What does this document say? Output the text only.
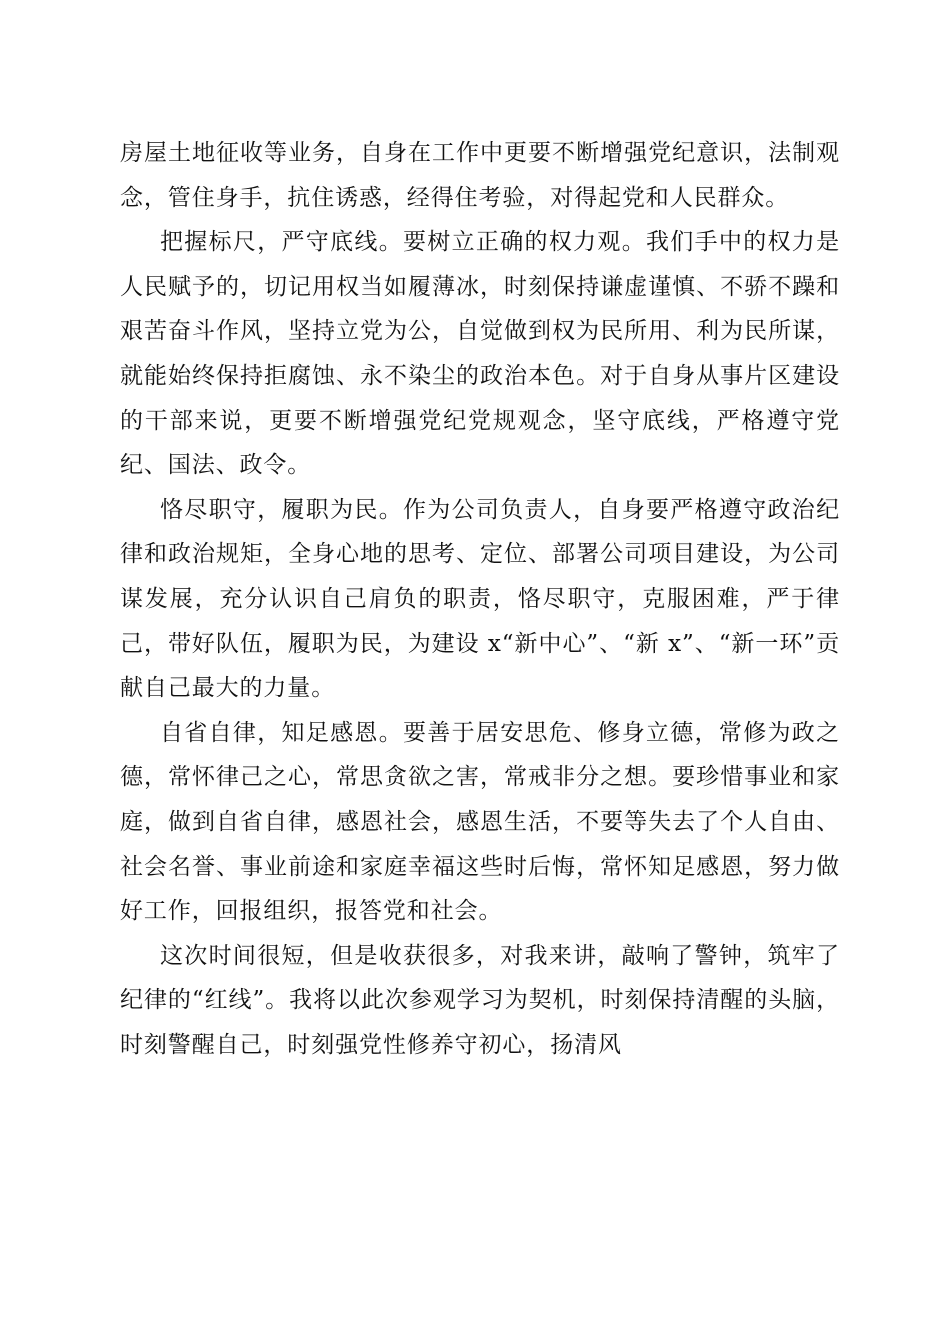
房屋土地征收等业务，自身在工作中更要不断增强党纪意识，法制观念，管住身手，抗住诱惑，经得住考验，对得起党和人民群众。

把握标尺，严守底线。要树立正确的权力观。我们手中的权力是人民赋予的，切记用权当如履薄冰，时刻保持谦虚谨慎、不骄不躁和艰苦奋斗作风，坚持立党为公，自觉做到权为民所用、利为民所谋，就能始终保持拒腐蚀、永不染尘的政治本色。对于自身从事片区建设的干部来说，更要不断增强党纪党规观念，坚守底线，严格遵守党纪、国法、政令。

恪尽职守，履职为民。作为公司负责人，自身要严格遵守政治纪律和政治规矩，全身心地的思考、定位、部署公司项目建设，为公司谋发展，充分认识自己肩负的职责，恪尽职守，克服困难，严于律己，带好队伍，履职为民，为建设 x“新中心”、“新 x”、“新一环”贡献自己最大的力量。

自省自律，知足感恩。要善于居安思危、修身立德，常修为政之德，常怀律己之心，常思贪欲之害，常戒非分之想。要珍惜事业和家庭，做到自省自律，感恩社会，感恩生活，不要等失去了个人自由、社会名誉、事业前途和家庭幸福这些时后悔，常怀知足感恩，努力做好工作，回报组织，报答党和社会。

这次时间很短，但是收获很多，对我来讲，敲响了警钟，筑牢了纪律的“红线”。我将以此次参观学习为契机，时刻保持清醒的头脑，时刻警醒自己，时刻强党性修养守初心，扬清风
